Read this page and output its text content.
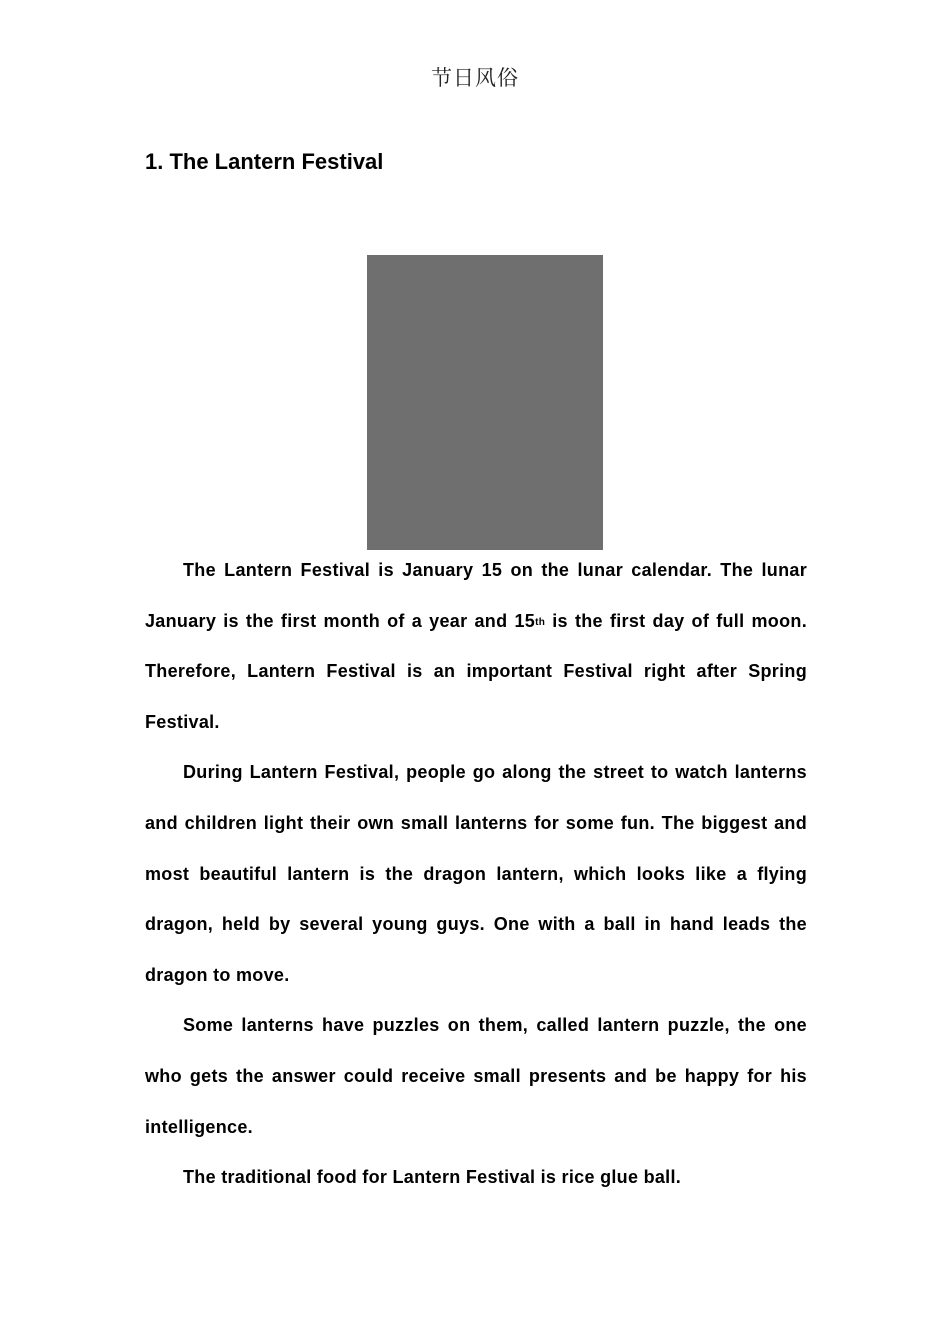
节日风俗
1. The Lantern Festival

The Lantern Festival is January 15 on the lunar calendar. The lunar January is the first month of a year and 15th is the first day of full moon. Therefore, Lantern Festival is an important Festival right after Spring Festival.

During Lantern Festival, people go along the street to watch lanterns and children light their own small lanterns for some fun. The biggest and most beautiful lantern is the dragon lantern, which looks like a flying dragon, held by several young guys. One with a ball in hand leads the dragon to move.

Some lanterns have puzzles on them, called lantern puzzle, the one who gets the answer could receive small presents and be happy for his intelligence.

The traditional food for Lantern Festival is rice glue ball.
